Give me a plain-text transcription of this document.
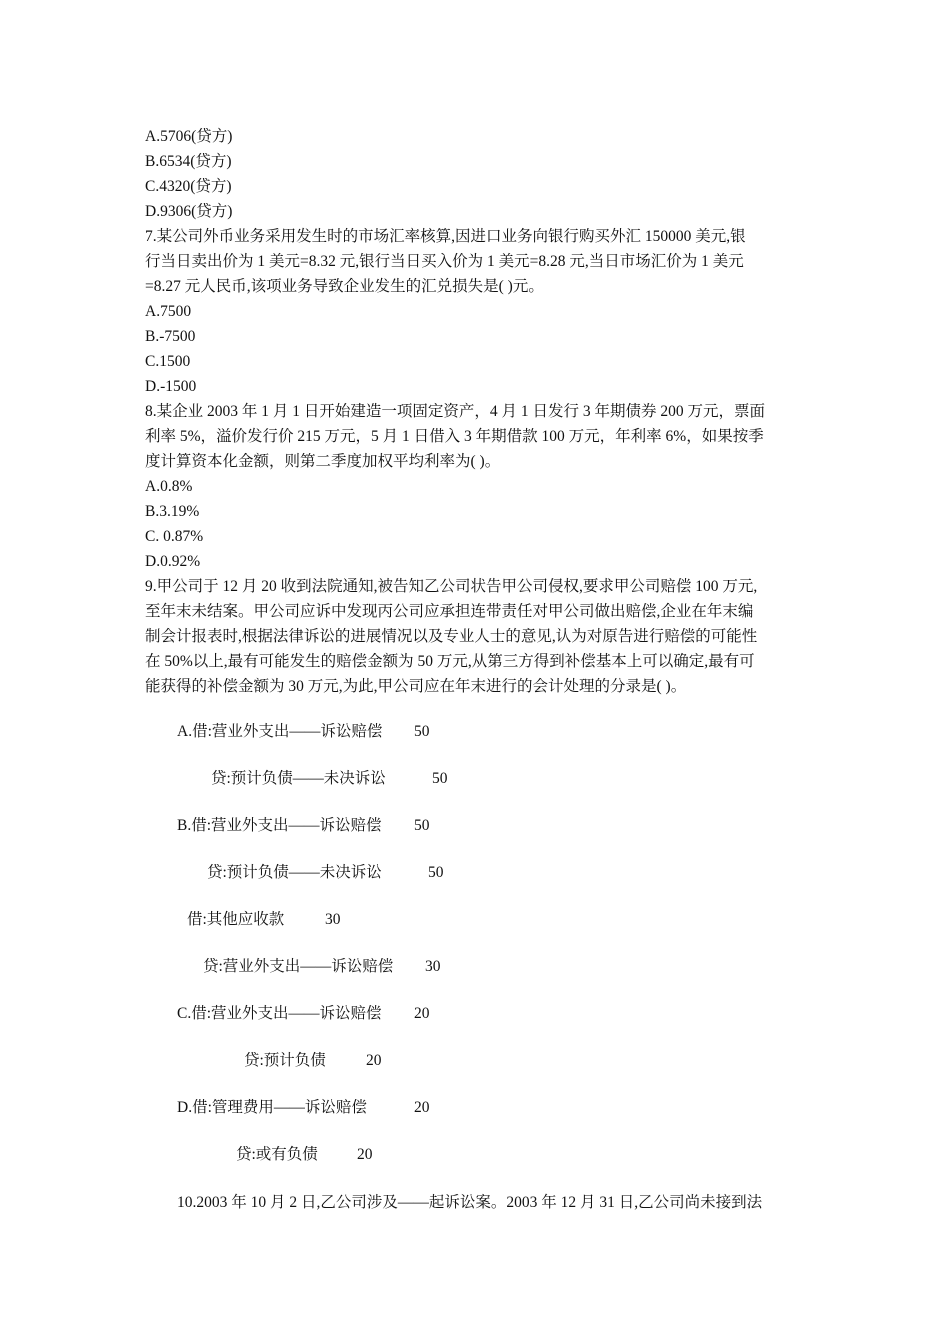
A.5706(贷方)
B.6534(贷方)
C.4320(贷方)
D.9306(贷方)
7.某公司外币业务采用发生时的市场汇率核算,因进口业务向银行购买外汇 150000 美元,银
行当日卖出价为 1 美元=8.32 元,银行当日买入价为 1 美元=8.28 元,当日市场汇价为 1 美元
=8.27 元人民币,该项业务导致企业发生的汇兑损失是( )元。
A.7500
B.-7500
C.1500
D.-1500
8.某企业 2003 年 1 月 1 日开始建造一项固定资产，4 月 1 日发行 3 年期债券 200 万元，票面
利率 5%，溢价发行价 215 万元，5 月 1 日借入 3 年期借款 100 万元，年利率 6%，如果按季
度计算资本化金额，则第二季度加权平均利率为( )。
A.0.8%
B.3.19%
C. 0.87%
D.0.92%
9.甲公司于 12 月 20 收到法院通知,被告知乙公司状告甲公司侵权,要求甲公司赔偿 100 万元,
至年末未结案。甲公司应诉中发现丙公司应承担连带责任对甲公司做出赔偿,企业在年末编
制会计报表时,根据法律诉讼的进展情况以及专业人士的意见,认为对原告进行赔偿的可能性
在 50%以上,最有可能发生的赔偿金额为 50 万元,从第三方得到补偿基本上可以确定,最有可
能获得的补偿金额为 30 万元,为此,甲公司应在年末进行的会计处理的分录是( )。
A.借:营业外支出——诉讼赔偿 50
贷:预计负债——未决诉讼	50
B.借:营业外支出——诉讼赔偿 50
贷:预计负债——未决诉讼	50
借:其他应收款	30
贷:营业外支出——诉讼赔偿 30
C.借:营业外支出——诉讼赔偿 20
贷:预计负债	20
D.借:管理费用——诉讼赔偿	20
贷:或有负债	20
10.2003 年 10 月 2 日,乙公司涉及——起诉讼案。2003 年 12 月 31 日,乙公司尚未接到法
